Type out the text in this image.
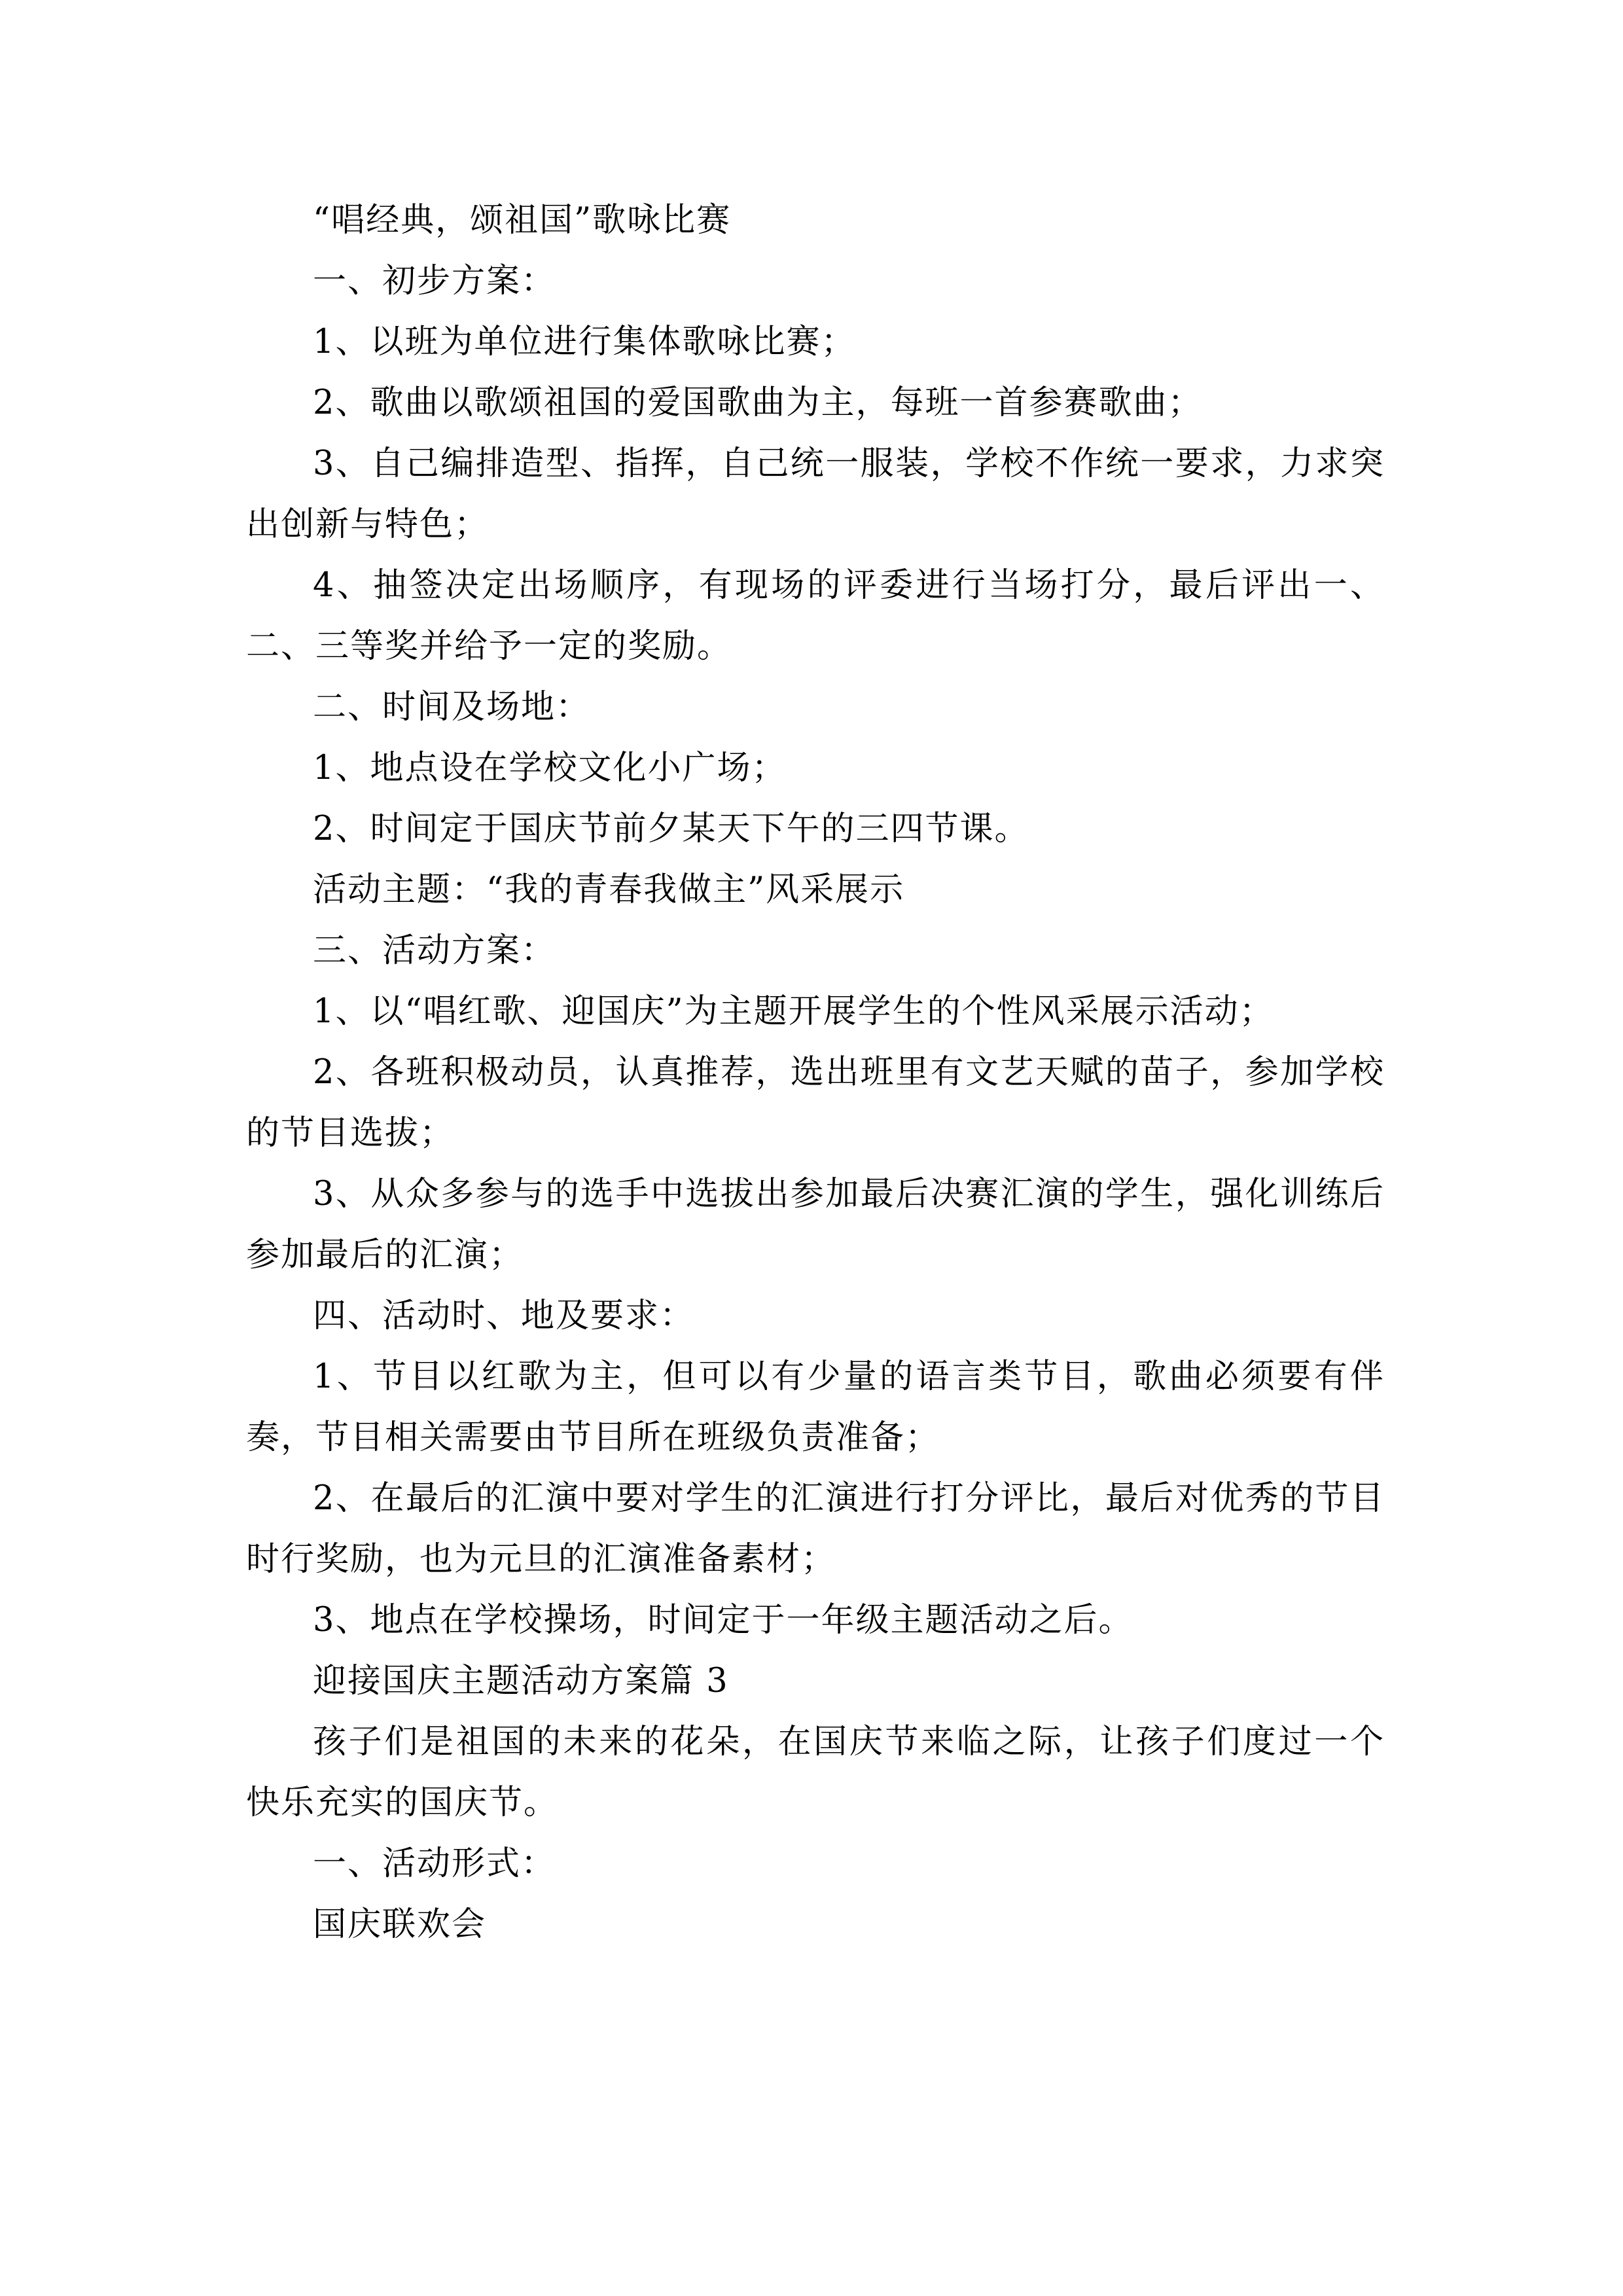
“唱经典，颂祖国”歌咏比赛

一、初步方案：

1、以班为单位进行集体歌咏比赛；

2、歌曲以歌颂祖国的爱国歌曲为主，每班一首参赛歌曲；

3、自己编排造型、指挥，自己统一服装，学校不作统一要求，力求突出创新与特色；

4、抽签决定出场顺序，有现场的评委进行当场打分，最后评出一、二、三等奖并给予一定的奖励。

二、时间及场地：

1、地点设在学校文化小广场；

2、时间定于国庆节前夕某天下午的三四节课。

活动主题：“我的青春我做主”风采展示

三、活动方案：

1、以“唱红歌、迎国庆”为主题开展学生的个性风采展示活动；

2、各班积极动员，认真推荐，选出班里有文艺天赋的苗子，参加学校的节目选拔；

3、从众多参与的选手中选拔出参加最后决赛汇演的学生，强化训练后参加最后的汇演；

四、活动时、地及要求：

1、节目以红歌为主，但可以有少量的语言类节目，歌曲必须要有伴奏，节目相关需要由节目所在班级负责准备；

2、在最后的汇演中要对学生的汇演进行打分评比，最后对优秀的节目时行奖励，也为元旦的汇演准备素材；

3、地点在学校操场，时间定于一年级主题活动之后。

迎接国庆主题活动方案篇 3

孩子们是祖国的未来的花朵，在国庆节来临之际，让孩子们度过一个快乐充实的国庆节。

一、活动形式：

国庆联欢会
